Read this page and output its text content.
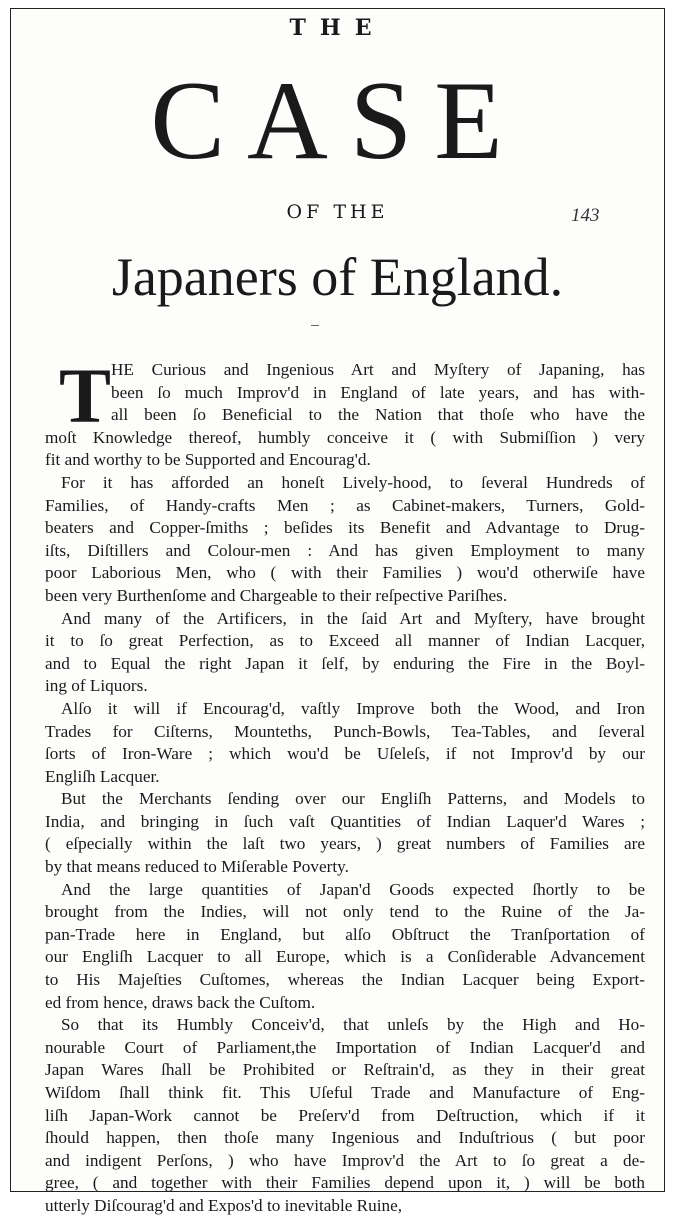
THE
CASE
OF THE	143
Japaners of England.
T HE Curious and Ingenious Art and Myſtery of Japaning, has
been ſo much Improv'd in England of late years, and has with-
all been ſo Beneficial to the Nation that thoſe who have the
moſt Knowledge thereof, humbly conceive it ( with Submiſſion ) very
fit and worthy to be Supported and Encourag'd.
For it has afforded an honeſt Lively-hood, to ſeveral Hundreds of
Families, of Handy-crafts Men ; as Cabinet-makers, Turners, Gold-
beaters and Copper-ſmiths ; beſides its Benefit and Advantage to Drug-
iſts, Diſtillers and Colour-men : And has given Employment to many
poor Laborious Men, who ( with their Families ) wou'd otherwiſe have
been very Burthenſome and Chargeable to their reſpective Pariſhes.
And many of the Artificers, in the ſaid Art and Myſtery, have brought
it to ſo great Perfection, as to Exceed all manner of Indian Lacquer,
and to Equal the right Japan it ſelf, by enduring the Fire in the Boyl-
ing of Liquors.
Alſo it will if Encourag'd, vaſtly Improve both the Wood, and Iron
Trades for Ciſterns, Mounteths, Punch-Bowls, Tea-Tables, and ſeveral
ſorts of Iron-Ware ; which wou'd be Uſeleſs, if not Improv'd by our
Engliſh Lacquer.
But the Merchants ſending over our Engliſh Patterns, and Models to
India, and bringing in ſuch vaſt Quantities of Indian Laquer'd Wares ;
( eſpecially within the laſt two years, ) great numbers of Families are
by that means reduced to Miſerable Poverty.
And the large quantities of Japan'd Goods expected ſhortly to be
brought from the Indies, will not only tend to the Ruine of the Ja-
pan-Trade here in England, but alſo Obſtruct the Tranſportation of
our Engliſh Lacquer to all Europe, which is a Conſiderable Advancement
to His Majeſties Cuſtomes, whereas the Indian Lacquer being Export-
ed from hence, draws back the Cuſtom.
So that its Humbly Conceiv'd, that unleſs by the High and Ho-
nourable Court of Parliament,the Importation of Indian Lacquer'd and
Japan Wares ſhall be Prohibited or Reſtrain'd, as they in their great
Wiſdom ſhall think fit. This Uſeful Trade and Manufacture of Eng-
liſh Japan-Work cannot be Preſerv'd from Deſtruction, which if it
ſhould happen, then thoſe many Ingenious and Induſtrious ( but poor
and indigent Perſons, ) who have Improv'd the Art to ſo great a de-
gree, ( and together with their Families depend upon it, ) will be both
utterly Diſcourag'd and Expos'd to inevitable Ruine,
